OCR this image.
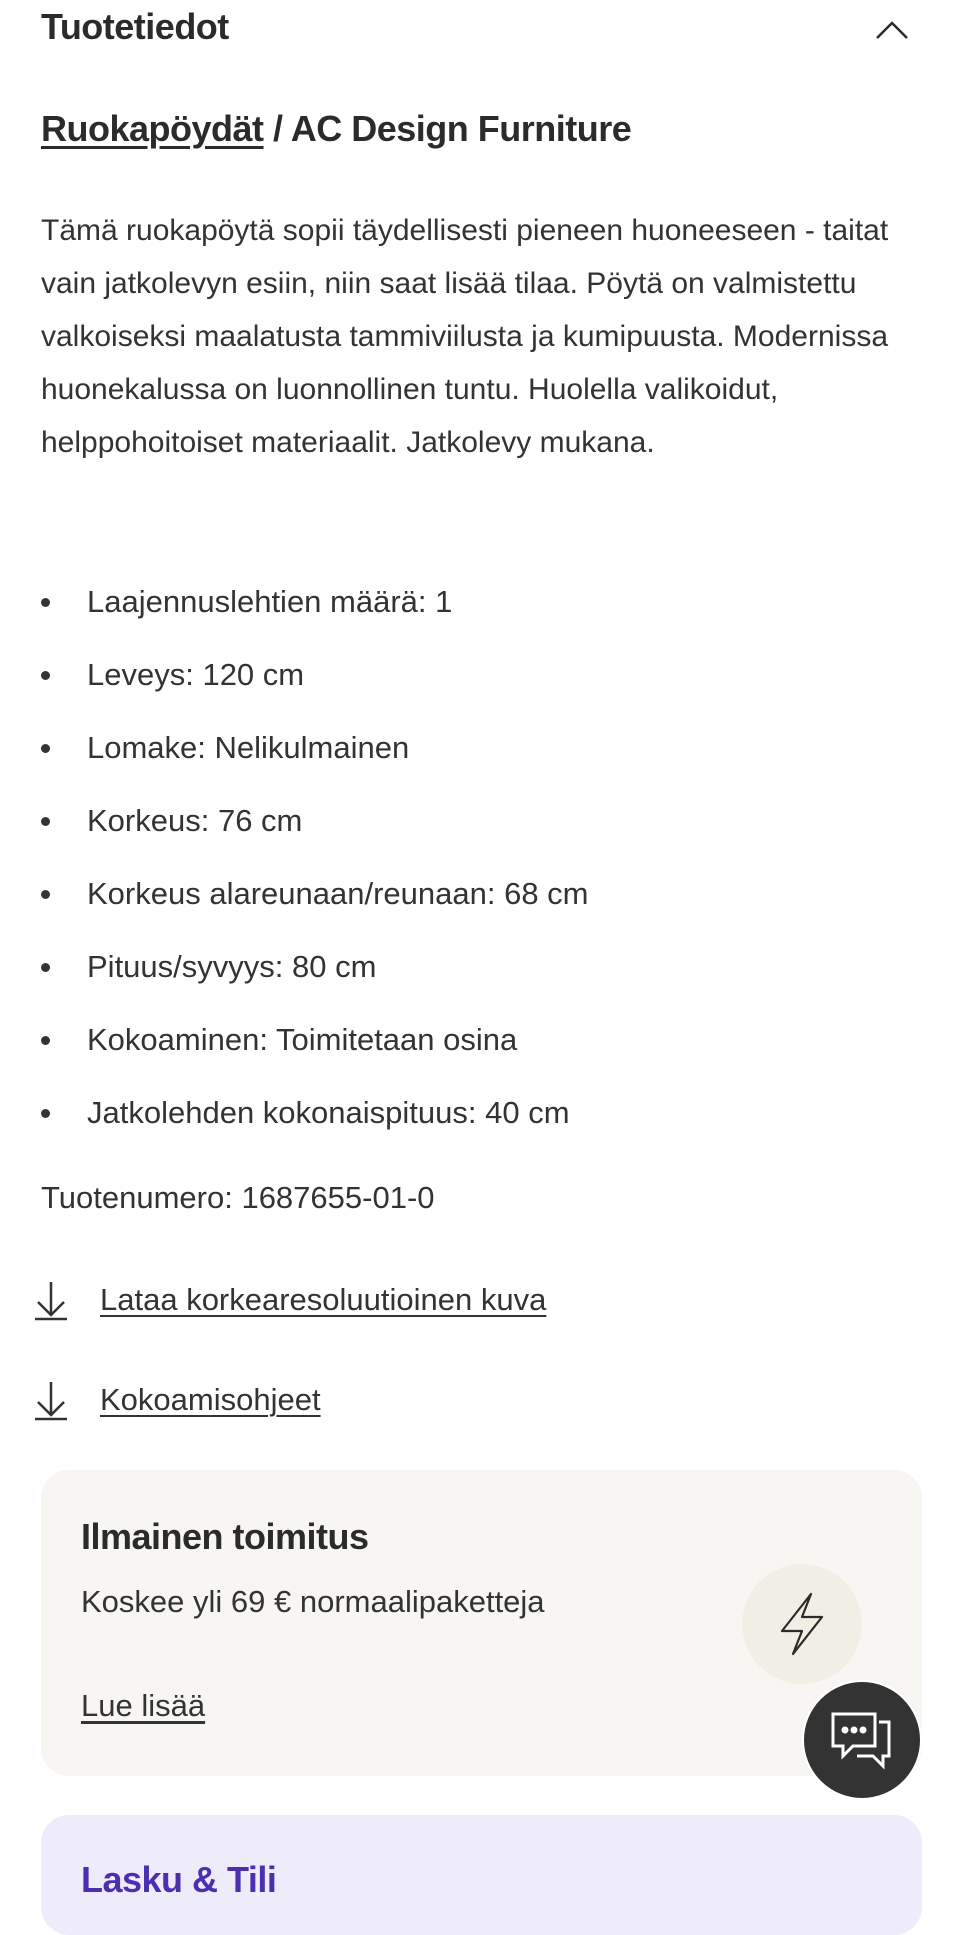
Tuotetiedot
Ruokapöydät / AC Design Furniture
Tämä ruokapöytä sopii täydellisesti pieneen huoneeseen - taitat vain jatkolevyn esiin, niin saat lisää tilaa. Pöytä on valmistettu valkoiseksi maalatusta tammiviilusta ja kumipuusta. Modernissa huonekalussa on luonnollinen tuntu. Huolella valikoidut, helppohoitoiset materiaalit. Jatkolevy mukana.
Laajennuslehtien määrä: 1
Leveys: 120 cm
Lomake: Nelikulmainen
Korkeus: 76 cm
Korkeus alareunaan/reunaan: 68 cm
Pituus/syvyys: 80 cm
Kokoaminen: Toimitetaan osina
Jatkolehden kokonaispituus: 40 cm
Tuotenumero: 1687655-01-0
Lataa korkearesoluutioinen kuva
Kokoamisohjeet
Ilmainen toimitus

Koskee yli 69 € normaalipaketteja

Lue lisää
Lasku & Tili
